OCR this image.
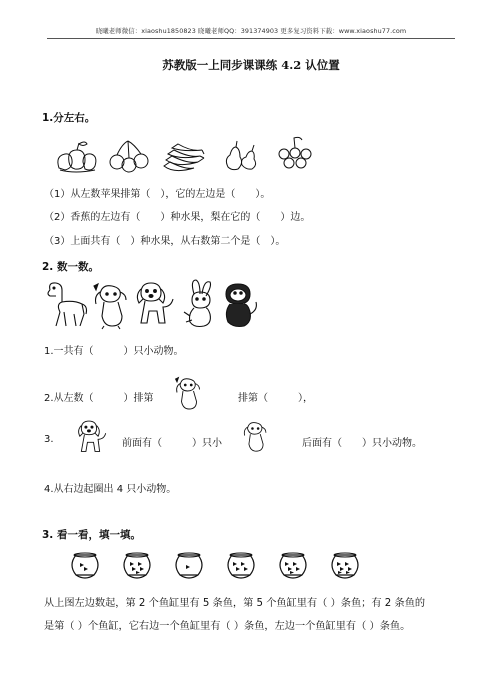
晓曦老师微信：xiaoshu1850823 晓曦老师QQ：391374903 更多复习资料下载：www.xiaoshu77.com
苏教版一上同步课课练 4.2 认位置
1.分左右。
（1）从左数苹果排第（　），它的左边是（　　）。
（2）香蕉的左边有（　　）种水果，梨在它的（　　）边。
（3）上面共有（　）种水果，从右数第二个是（　）。
2. 数一数。
1.一共有（　　　）只小动物。
2.从左数（　　　）排第	排第（　　　），
3.	前面有（　　　）只小	后面有（　　）只小动物。
4.从右边起圈出 4 只小动物。
3. 看一看，填一填。
从上图左边数起，第 2 个鱼缸里有 5 条鱼，第 5 个鱼缸里有（ ）条鱼；有 2 条鱼的
是第（ ）个鱼缸，它右边一个鱼缸里有（ ）条鱼，左边一个鱼缸里有（ ）条鱼。
